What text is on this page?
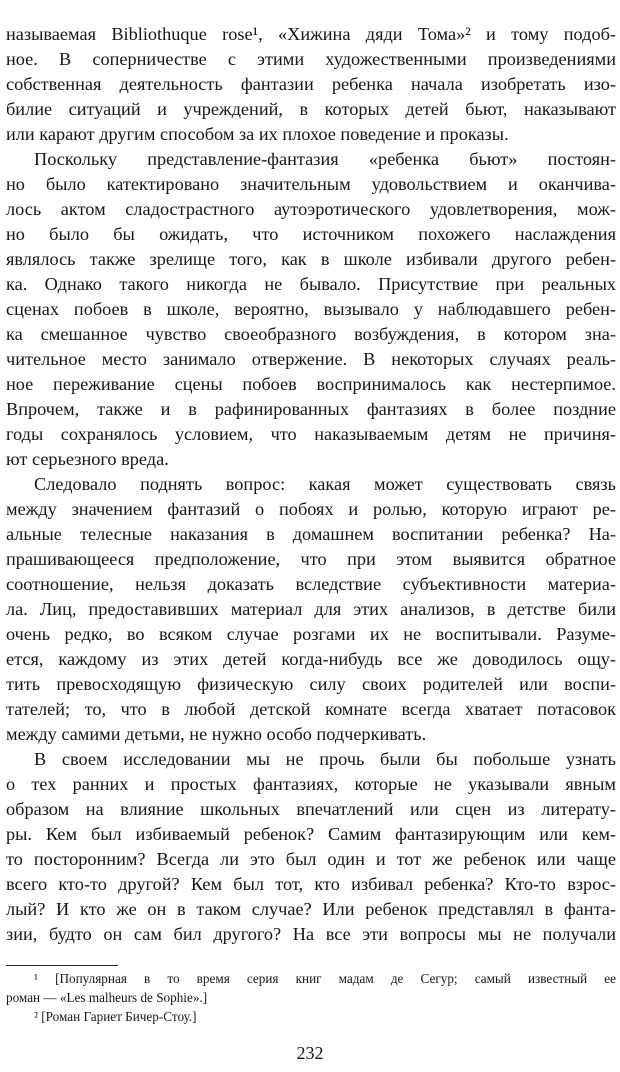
называемая Bibliothuque rose¹, «Хижина дяди Тома»² и тому подоб-
ное. В соперничестве с этими художественными произведениями
собственная деятельность фантазии ребенка начала изобретать изо-
билие ситуаций и учреждений, в которых детей бьют, наказывают
или карают другим способом за их плохое поведение и проказы.
Поскольку представление-фантазия «ребенка бьют» постоян-
но было катектировано значительным удовольствием и оканчива-
лось актом сладострастного аутоэротического удовлетворения, мож-
но было бы ожидать, что источником похожего наслаждения
являлось также зрелище того, как в школе избивали другого ребен-
ка. Однако такого никогда не бывало. Присутствие при реальных
сценах побоев в школе, вероятно, вызывало у наблюдавшего ребен-
ка смешанное чувство своеобразного возбуждения, в котором зна-
чительное место занимало отвержение. В некоторых случаях реаль-
ное переживание сцены побоев воспринималось как нестерпимое.
Впрочем, также и в рафинированных фантазиях в более поздние
годы сохранялось условием, что наказываемым детям не причиня-
ют серьезного вреда.
Следовало поднять вопрос: какая может существовать связь
между значением фантазий о побоях и ролью, которую играют ре-
альные телесные наказания в домашнем воспитании ребенка? На-
прашивающееся предположение, что при этом выявится обратное
соотношение, нельзя доказать вследствие субъективности материа-
ла. Лиц, предоставивших материал для этих анализов, в детстве били
очень редко, во всяком случае розгами их не воспитывали. Разуме-
ется, каждому из этих детей когда-нибудь все же доводилось ощу-
тить превосходящую физическую силу своих родителей или воспи-
тателей; то, что в любой детской комнате всегда хватает потасовок
между самими детьми, не нужно особо подчеркивать.
В своем исследовании мы не прочь были бы побольше узнать
о тех ранних и простых фантазиях, которые не указывали явным
образом на влияние школьных впечатлений или сцен из литерату-
ры. Кем был избиваемый ребенок? Самим фантазирующим или кем-
то посторонним? Всегда ли это был один и тот же ребенок или чаще
всего кто-то другой? Кем был тот, кто избивал ребенка? Кто-то взрос-
лый? И кто же он в таком случае? Или ребенок представлял в фанта-
зии, будто он сам бил другого? На все эти вопросы мы не получали
¹ [Популярная в то время серия книг мадам де Сегур; самый известный ее
роман — «Les malheurs de Sophie».]
² [Роман Гариет Бичер-Стоу.]
232
